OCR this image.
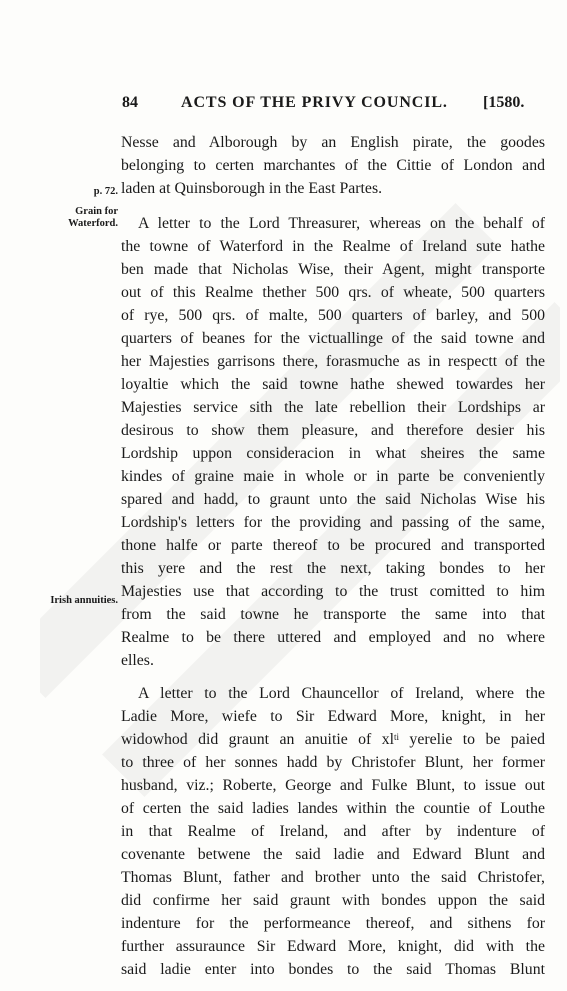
84	ACTS OF THE PRIVY COUNCIL. [1580.
p. 72.
Grain for
Waterford.
Irish annuities.
Nesse and Alborough by an English pirate, the goodes
belonging to certen marchantes of the Cittie of London and
laden at Quinsborough in the East Partes.
A letter to the Lord Threasurer, whereas on the behalf of
the towne of Waterford in the Realme of Ireland sute hathe
ben made that Nicholas Wise, their Agent, might transporte
out of this Realme thether 500 qrs. of wheate, 500 quarters
of rye, 500 qrs. of malte, 500 quarters of barley, and 500
quarters of beanes for the victuallinge of the said towne and
her Majesties garrisons there, forasmuche as in respectt of the
loyaltie which the said towne hathe shewed towardes her
Majesties service sith the late rebellion their Lordships ar
desirous to show them pleasure, and therefore desier his
Lordship uppon consideracion in what sheires the same
kindes of graine maie in whole or in parte be conveniently
spared and hadd, to graunt unto the said Nicholas Wise his
Lordship's letters for the providing and passing of the same,
thone halfe or parte thereof to be procured and transported
this yere and the rest the next, taking bondes to her
Majesties use that according to the trust comitted to him
from the said towne he transporte the same into that
Realme to be there uttered and employed and no where
elles.
A letter to the Lord Chauncellor of Ireland, where the
Ladie More, wiefe to Sir Edward More, knight, in her
widowhod did graunt an anuitie of $xl^{ti}$ yerelie to be paied
to three of her sonnes hadd by Christofer Blunt, her former
husband, viz.; Roberte, George and Fulke Blunt, to issue out
of certen the said ladies landes within the countie of Louthe
in that Realme of Ireland, and after by indenture of
covenante betwene the said ladie and Edward Blunt and
Thomas Blunt, father and brother unto the said Christofer,
did confirme her said graunt with bondes uppon the said
indenture for the performeance thereof, and sithens for
further assuraunce Sir Edward More, knight, did with the
said ladie enter into bondes to the said Thomas Blunt
